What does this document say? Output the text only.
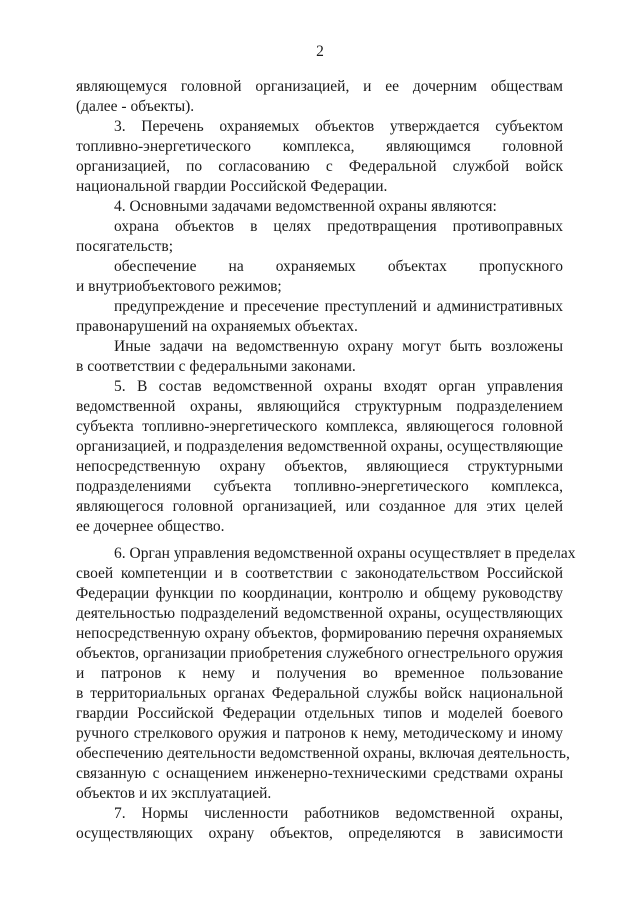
2
являющемуся головной организацией, и ее дочерним обществам
(далее - объекты).
3. Перечень охраняемых объектов утверждается субъектом
топливно-энергетического комплекса, являющимся головной
организацией, по согласованию с Федеральной службой войск
национальной гвардии Российской Федерации.
4. Основными задачами ведомственной охраны являются:
охрана объектов в целях предотвращения противоправных
посягательств;
обеспечение на охраняемых объектах пропускного
и внутриобъектового режимов;
предупреждение и пресечение преступлений и административных
правонарушений на охраняемых объектах.
Иные задачи на ведомственную охрану могут быть возложены
в соответствии с федеральными законами.
5. В состав ведомственной охраны входят орган управления
ведомственной охраны, являющийся структурным подразделением
субъекта топливно-энергетического комплекса, являющегося головной
организацией, и подразделения ведомственной охраны, осуществляющие
непосредственную охрану объектов, являющиеся структурными
подразделениями субъекта топливно-энергетического комплекса,
являющегося головной организацией, или созданное для этих целей
ее дочернее общество.
6. Орган управления ведомственной охраны осуществляет в пределах
своей компетенции и в соответствии с законодательством Российской
Федерации функции по координации, контролю и общему руководству
деятельностью подразделений ведомственной охраны, осуществляющих
непосредственную охрану объектов, формированию перечня охраняемых
объектов, организации приобретения служебного огнестрельного оружия
и патронов к нему и получения во временное пользование
в территориальных органах Федеральной службы войск национальной
гвардии Российской Федерации отдельных типов и моделей боевого
ручного стрелкового оружия и патронов к нему, методическому и иному
обеспечению деятельности ведомственной охраны, включая деятельность,
связанную с оснащением инженерно-техническими средствами охраны
объектов и их эксплуатацией.
7. Нормы численности работников ведомственной охраны,
осуществляющих охрану объектов, определяются в зависимости
